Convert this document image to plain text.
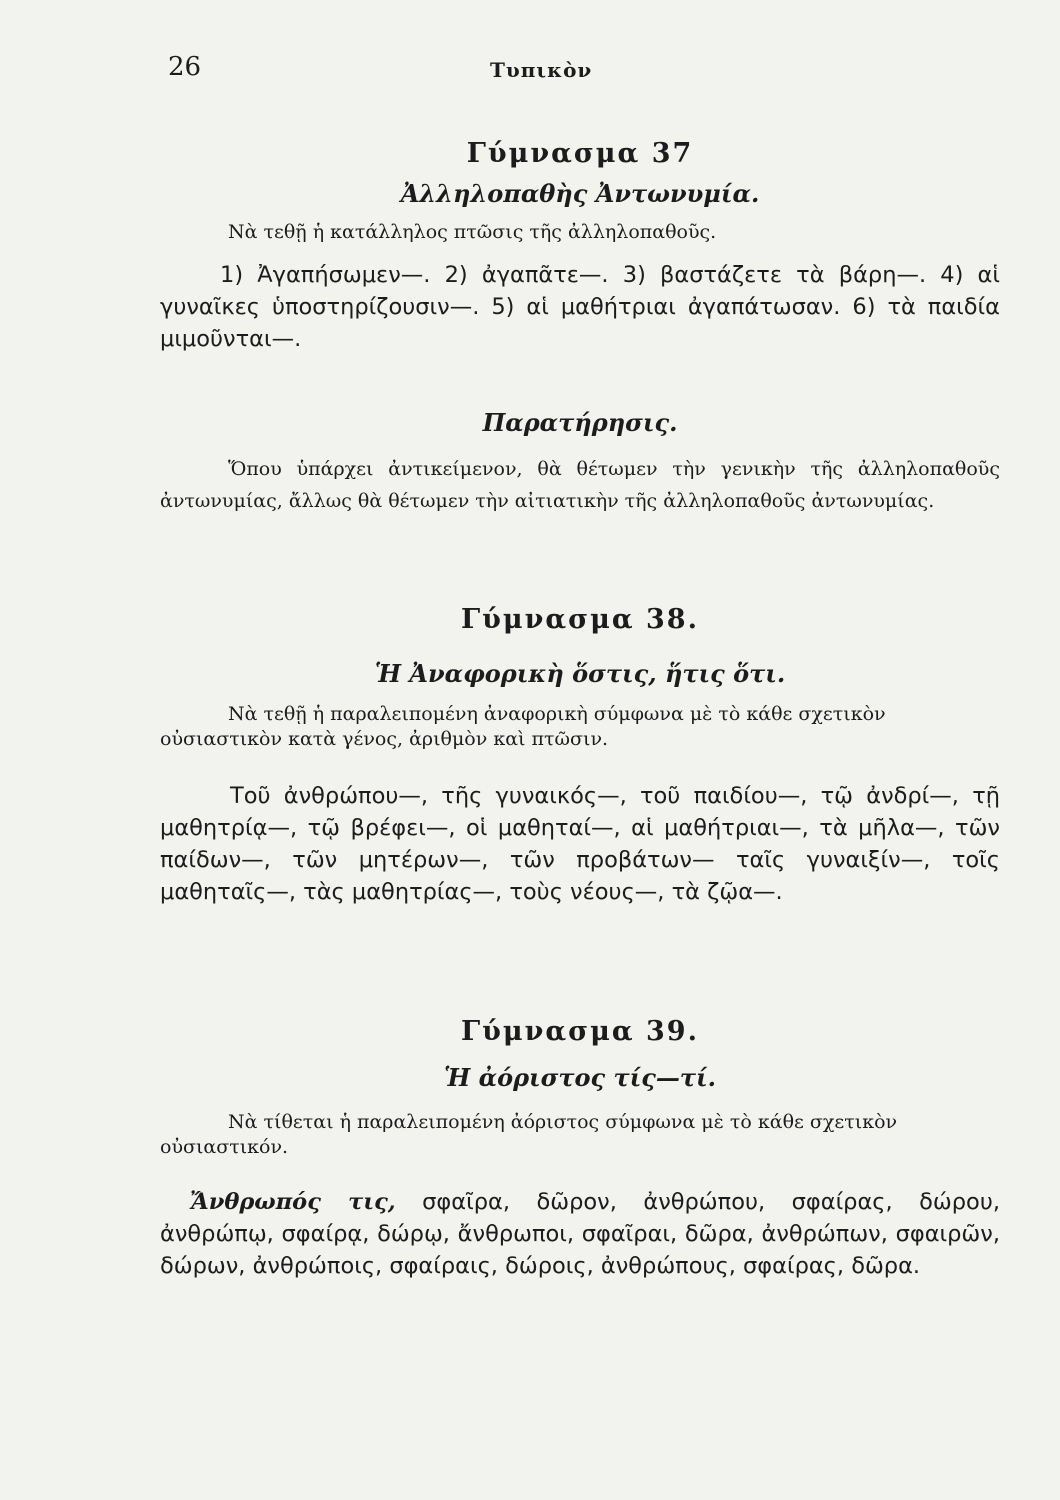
26	Τυπικὸν
Γύμνασμα 37
Ἀλληλοπαθὴς Ἀντωνυμία.
Νὰ τεθῇ ἡ κατάλληλος πτῶσις τῆς ἀλληλοπαθοῦς.
1) Ἀγαπήσωμεν—. 2) ἀγαπᾶτε—. 3) βαστάζετε τὰ βάρη—. 4) αἱ γυναῖκες ὑποστηρίζουσιν—. 5) αἱ μαθήτριαι ἀγαπάτωσαν. 6) τὰ παιδία μιμοῦνται—.
Παρατήρησις.
Ὅπου ὑπάρχει ἀντικείμενον, θὰ θέτωμεν τὴν γενικὴν τῆς ἀλληλοπαθοῦς ἀντωνυμίας, ἄλλως θὰ θέτωμεν τὴν αἰτιατικὴν τῆς ἀλληλοπαθοῦς ἀντωνυμίας.
Γύμνασμα 38.
Ἡ Ἀναφορικὴ ὅστις, ἥτις ὅτι.
Νὰ τεθῇ ἡ παραλειπομένη ἀναφορικὴ σύμφωνα μὲ τὸ κάθε σχετικὸν οὐσιαστικὸν κατὰ γένος, ἀριθμὸν καὶ πτῶσιν.
Τοῦ ἀνθρώπου—, τῆς γυναικός—, τοῦ παιδίου—, τῷ ἀνδρί—, τῇ μαθητρίᾳ—, τῷ βρέφει—, οἱ μαθηταί—, αἱ μαθήτριαι—, τὰ μῆλα—, τῶν παίδων—, τῶν μητέρων—, τῶν προβάτων— ταῖς γυναιξίν—, τοῖς μαθηταῖς—, τὰς μαθητρίας—, τοὺς νέους—, τὰ ζῷα—.
Γύμνασμα 39.
Ἡ ἀόριστος τίς—τί.
Νὰ τίθεται ἡ παραλειπομένη ἀόριστος σύμφωνα μὲ τὸ κάθε σχετικὸν οὐσιαστικόν.
Ἄνθρωπός τις, σφαῖρα, δῶρον, ἀνθρώπου, σφαίρας, δώρου, ἀνθρώπῳ, σφαίρᾳ, δώρῳ, ἄνθρωποι, σφαῖραι, δῶρα, ἀνθρώπων, σφαιρῶν, δώρων, ἀνθρώποις, σφαίραις, δώροις, ἀνθρώπους, σφαίρας, δῶρα.
